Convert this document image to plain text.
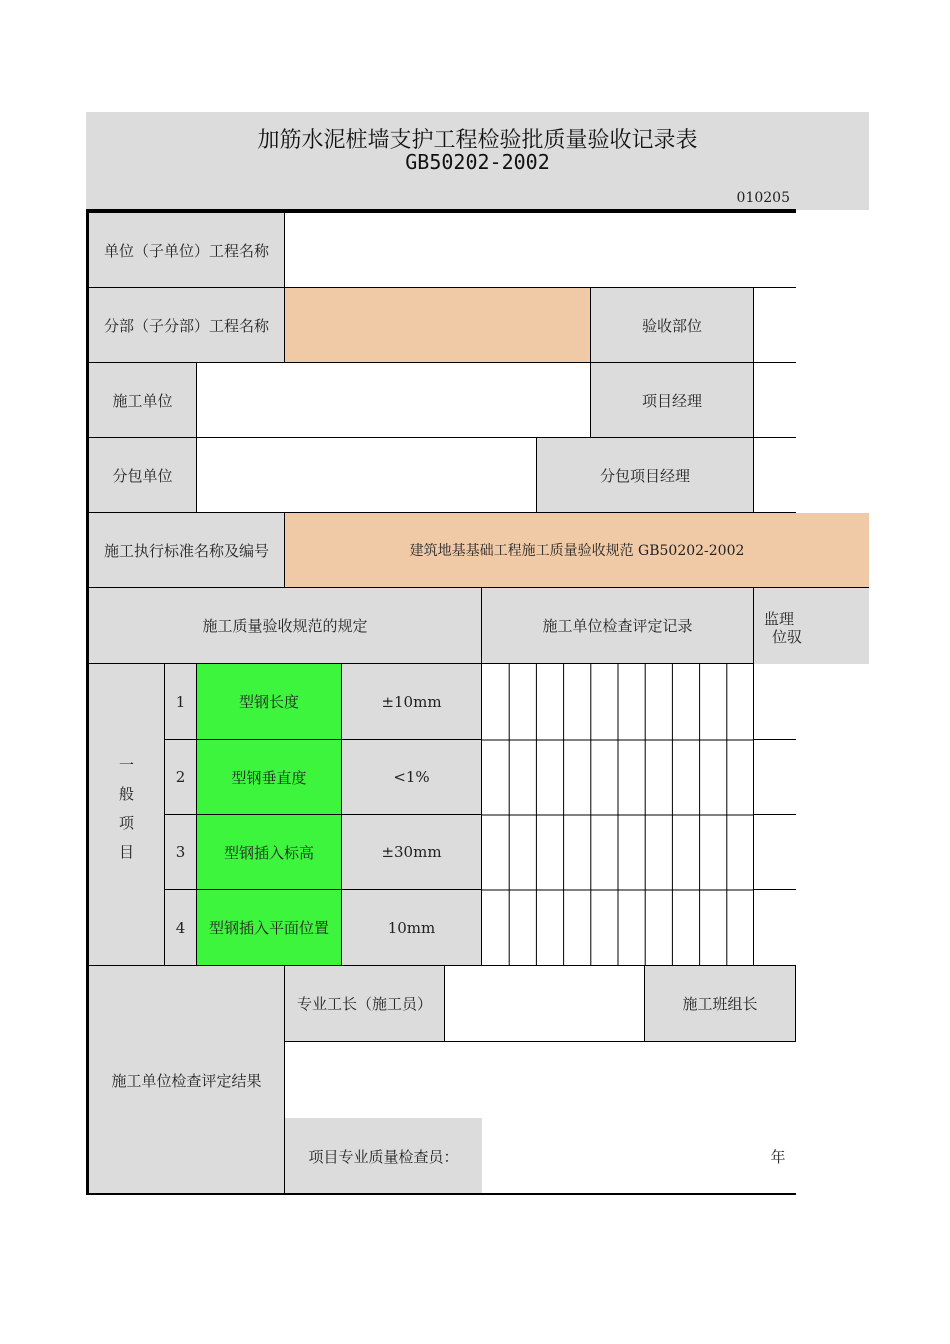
加筋水泥桩墙支护工程检验批质量验收记录表
GB50202-2002
010205
单位（子单位）工程名称
分部（子分部）工程名称	验收部位
施工单位	项目经理
分包单位	分包项目经理
施工执行标准名称及编号	建筑地基基础工程施工质量验收规范 GB50202-2002
施工质量验收规范的规定	施工单位检查评定记录	监理
位驭
一般项目
1	型钢长度	±10mm
2	型钢垂直度	<1%
3	型钢插入标高	±30mm
4	型钢插入平面位置	10mm
施工单位检查评定结果
专业工长（施工员）	施工班组长
项目专业质量检查员：	年
